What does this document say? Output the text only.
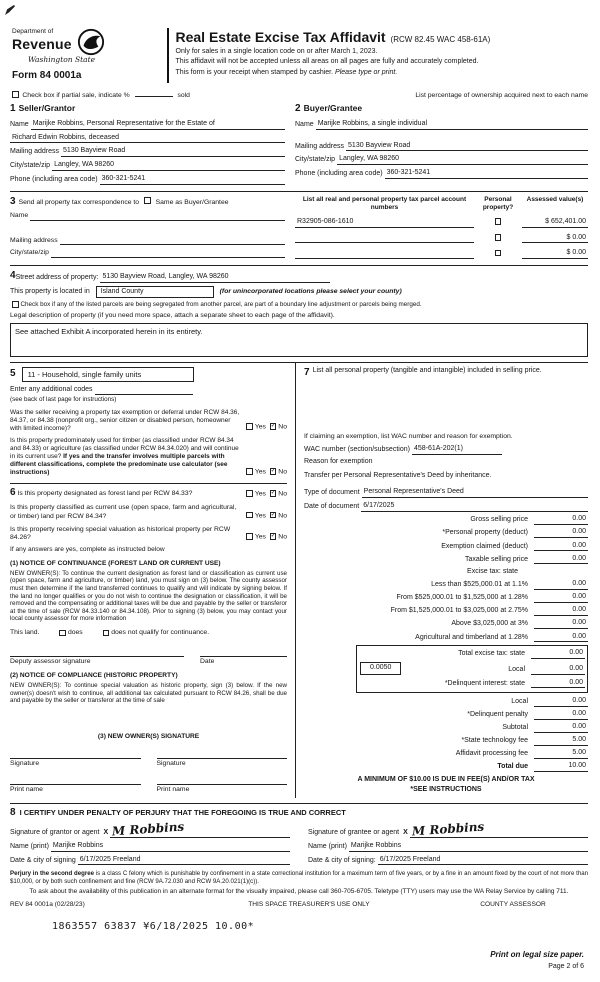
Department of
Revenue
Washington State
Form 84 0001a
Real Estate Excise Tax Affidavit (RCW 82.45 WAC 458-61A)
Only for sales in a single location code on or after March 1, 2023.
This affidavit will not be accepted unless all areas on all pages are fully and accurately completed.
This form is your receipt when stamped by cashier. Please type or print.
Check box if partial sale, indicate %	sold	List percentage of ownership acquired next to each name
1 Seller/Grantor
Name Marijke Robbins, Personal Representative for the Estate of
Richard Edwin Robbins, deceased
Mailing address 5130 Bayview Road
City/state/zip Langley, WA 98260
Phone (including area code) 360-321-5241
2 Buyer/Grantee
Name Marijke Robbins, a single individual
Mailing address 5130 Bayview Road
City/state/zip Langley, WA 98260
Phone (including area code) 360-321-5241
3 Send all property tax correspondence to Same as Buyer/Grantee
Name
Mailing address
City/state/zip
List all real and personal property tax parcel account numbers
Personal property?
Assessed value(s)
R32905-086-1610	$ 652,401.00
$ 0.00
$ 0.00
4 Street address of property: 5130 Bayview Road, Langley, WA 98260
This property is located in Island County	(for unincorporated locations please select your county)
Check box if any of the listed parcels are being segregated from another parcel, are part of a boundary line adjustment or parcels being merged.
Legal description of property (if you need more space, attach a separate sheet to each page of the affidavit).
See attached Exhibit A incorporated herein in its entirety.
5	11 - Household, single family units
Enter any additional codes
(see back of last page for instructions)
Was the seller receiving a property tax exemption or deferral under RCW 84.36, 84.37, or 84.38 (nonprofit org., senior citizen or disabled person, homeowner with limited income)?	Yes ✓ No
Is this property predominately used for timber (as classified under RCW 84.34 and 84.33) or agriculture (as classified under RCW 84.34.020) and will continue in its current use? If yes and the transfer involves multiple parcels with different classifications, complete the predominate use calculator (see instructions)	Yes ✓ No
6 Is this property designated as forest land per RCW 84.33?	Yes ✓ No
Is this property classified as current use (open space, farm and agricultural, or timber) land per RCW 84.34?	Yes ✓ No
Is this property receiving special valuation as historical property per RCW 84.26?	Yes ✓ No
If any answers are yes, complete as instructed below
(1) NOTICE OF CONTINUANCE (FOREST LAND OR CURRENT USE)
NEW OWNER(S): To continue the current designation as forest land or classification as current use (open space, farm and agriculture, or timber) land, you must sign on (3) below. The county assessor must then determine if the land transferred continues to qualify and will indicate by signing below. If the land no longer qualifies or you do not wish to continue the designation or classification, it will be removed and the compensating or additional taxes will be due and payable by the seller or transferor at the time of sale (RCW 84.33.140 or 84.34.108). Prior to signing (3) below, you may contact your local county assessor for more information
This land.	does	does not qualify for continuance.
Deputy assessor signature	Date
(2) NOTICE OF COMPLIANCE (HISTORIC PROPERTY)
NEW OWNER(S): To continue special valuation as historic property, sign (3) below. If the new owner(s) doesn't wish to continue, all additional tax calculated pursuant to RCW 84.26, shall be due and payable by the seller or transferor at the time of sale
(3) NEW OWNER(S) SIGNATURE
Signature	Signature
Print name	Print name
7 List all personal property (tangible and intangible) included in selling price.
If claiming an exemption, list WAC number and reason for exemption.
WAC number (section/subsection) 458-61A-202(1)
Reason for exemption
Transfer per Personal Representative's Deed by inheritance.
Type of document Personal Representative's Deed
Date of document 6/17/2025
Gross selling price	0.00
*Personal property (deduct)	0.00
Exemption claimed (deduct)	0.00
Taxable selling price	0.00
Excise tax: state
Less than $525,000.01 at 1.1%	0.00
From $525,000.01 to $1,525,000 at 1.28%	0.00
From $1,525,000.01 to $3,025,000 at 2.75%	0.00
Above $3,025,000 at 3%	0.00
Agricultural and timberland at 1.28%	0.00
Total excise tax: state	0.00
0.0050	Local	0.00
*Delinquent interest: state	0.00
Local	0.00
*Delinquent penalty	0.00
Subtotal	0.00
*State technology fee	5.00
Affidavit processing fee	5.00
Total due	10.00
A MINIMUM OF $10.00 IS DUE IN FEE(S) AND/OR TAX
*SEE INSTRUCTIONS
8 I CERTIFY UNDER PENALTY OF PERJURY THAT THE FOREGOING IS TRUE AND CORRECT
Signature of grantor or agent X M Robbins
Name (print) Marijke Robbins
Date & city of signing 6/17/2025 Freeland
Signature of grantee or agent X M Robbins
Name (print) Marijke Robbins
Date & city of signing: 6/17/2025 Freeland
Perjury in the second degree is a class C felony which is punishable by confinement in a state correctional institution for a maximum term of five years, or by a fine in an amount fixed by the court of not more than $10,000, or by both such confinement and fine (RCW 9A.72.030 and RCW 9A.20.021(1)(c)).
To ask about the availability of this publication in an alternate format for the visually impaired, please call 360-705-6705. Teletype (TTY) users may use the WA Relay Service by calling 711.
REV 84 0001a (02/28/23)	THIS SPACE TREASURER'S USE ONLY	COUNTY ASSESSOR
1863557 63837 ¥6/18/2025 10.00*
Print on legal size paper.
Page 2 of 6
